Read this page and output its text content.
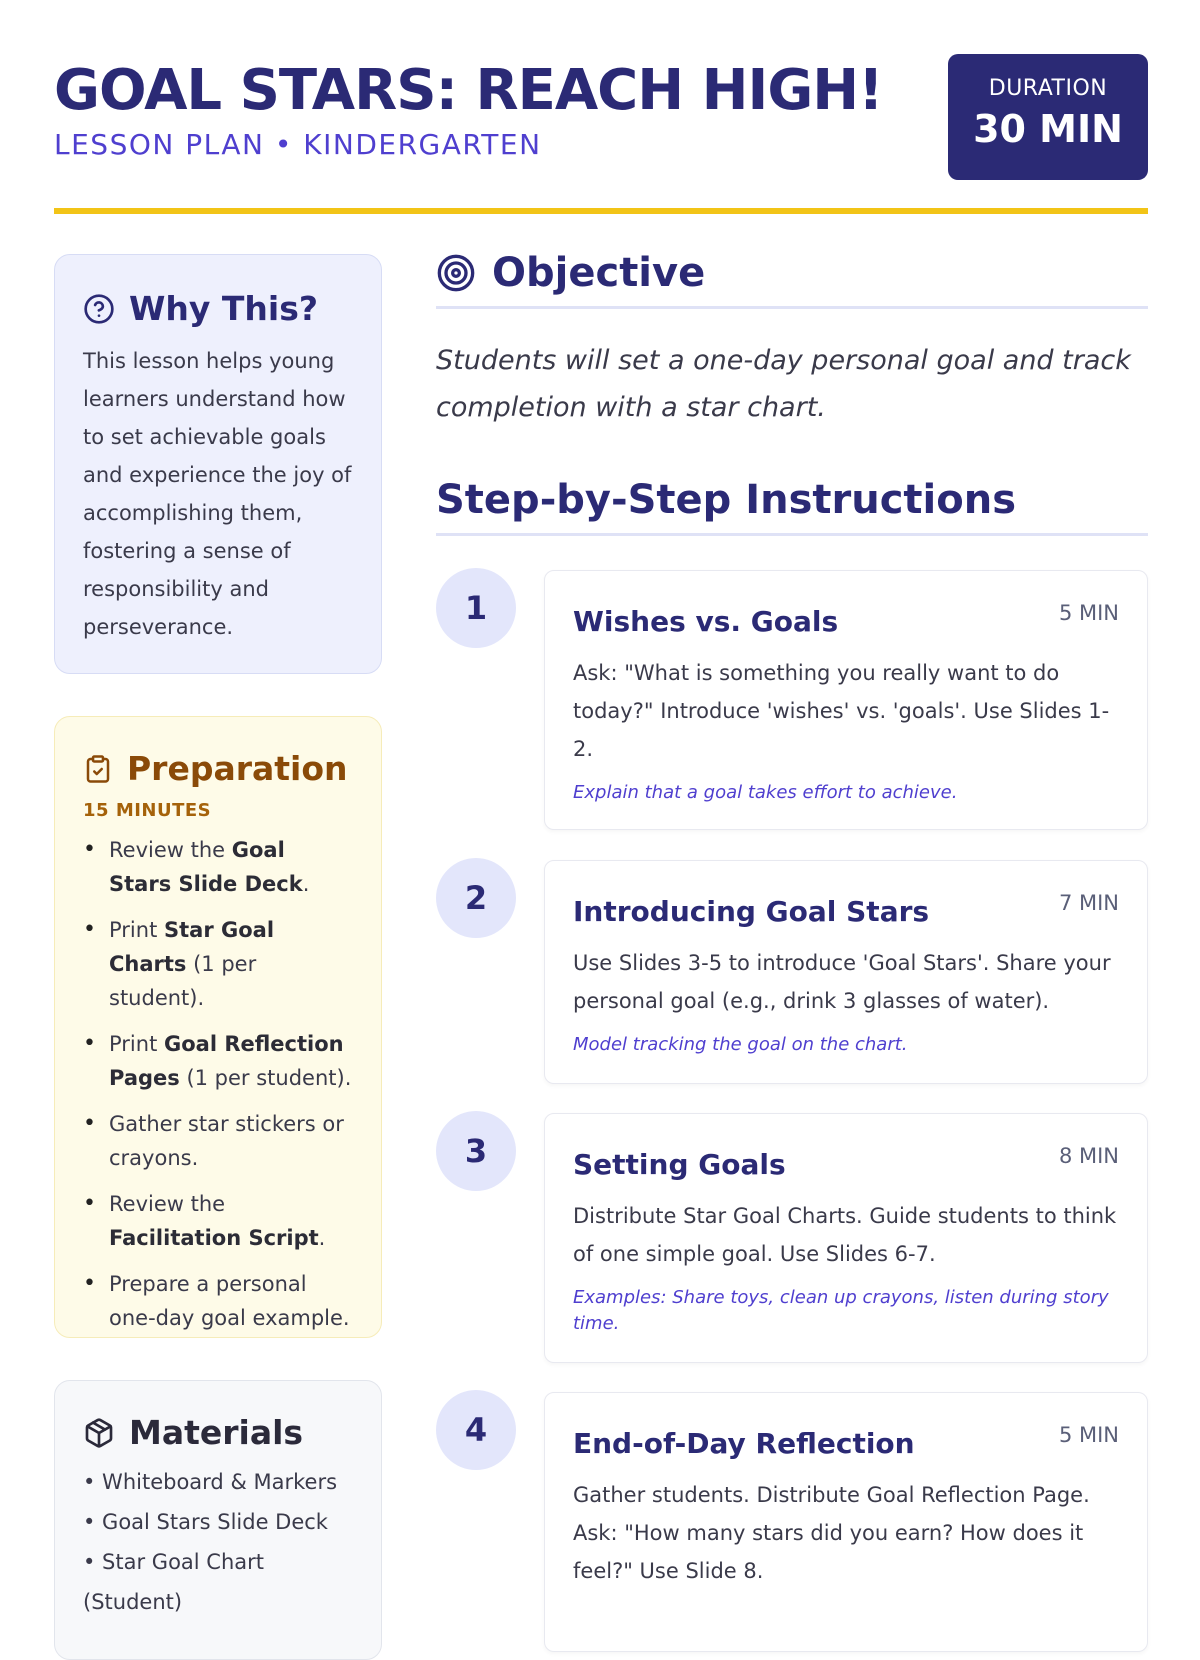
GOAL STARS: REACH HIGH!
LESSON PLAN • KINDERGARTEN
DURATION
30 MIN
Why This?

This lesson helps young learners understand how to set achievable goals and experience the joy of accomplishing them, fostering a sense of responsibility and perseverance.

Preparation
15 MINUTES
• Review the Goal Stars Slide Deck.
• Print Star Goal Charts (1 per student).
• Print Goal Reflection Pages (1 per student).
• Gather star stickers or crayons.
• Review the Facilitation Script.
• Prepare a personal one-day goal example.
Materials
• Whiteboard & Markers
• Goal Stars Slide Deck
• Star Goal Chart (Student)
Objective
Students will set a one-day personal goal and track completion with a star chart.
Step-by-Step Instructions
1	Wishes vs. Goals	5 MIN
Ask: "What is something you really want to do today?" Introduce 'wishes' vs. 'goals'. Use Slides 1-2.
Explain that a goal takes effort to achieve.
2	Introducing Goal Stars	7 MIN
Use Slides 3-5 to introduce 'Goal Stars'. Share your personal goal (e.g., drink 3 glasses of water).
Model tracking the goal on the chart.
3	Setting Goals	8 MIN
Distribute Star Goal Charts. Guide students to think of one simple goal. Use Slides 6-7.
Examples: Share toys, clean up crayons, listen during story time.
4	End-of-Day Reflection	5 MIN
Gather students. Distribute Goal Reflection Page. Ask: "How many stars did you earn? How does it feel?" Use Slide 8.
